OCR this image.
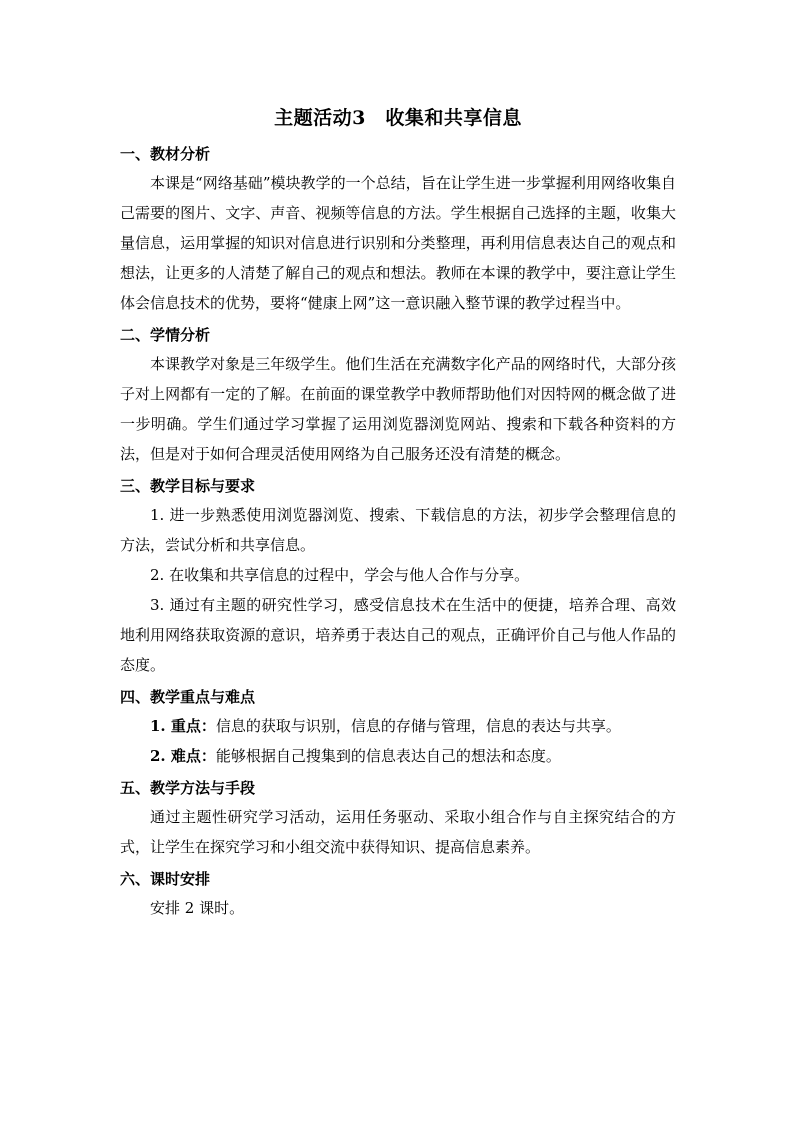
主题活动3　收集和共享信息
一、教材分析
本课是“网络基础”模块教学的一个总结，旨在让学生进一步掌握利用网络收集自己需要的图片、文字、声音、视频等信息的方法。学生根据自己选择的主题，收集大量信息，运用掌握的知识对信息进行识别和分类整理，再利用信息表达自己的观点和想法，让更多的人清楚了解自己的观点和想法。教师在本课的教学中，要注意让学生体会信息技术的优势，要将“健康上网”这一意识融入整节课的教学过程当中。
二、学情分析
本课教学对象是三年级学生。他们生活在充满数字化产品的网络时代，大部分孩子对上网都有一定的了解。在前面的课堂教学中教师帮助他们对因特网的概念做了进一步明确。学生们通过学习掌握了运用浏览器浏览网站、搜索和下载各种资料的方法，但是对于如何合理灵活使用网络为自己服务还没有清楚的概念。
三、教学目标与要求
1. 进一步熟悉使用浏览器浏览、搜索、下载信息的方法，初步学会整理信息的方法，尝试分析和共享信息。
2. 在收集和共享信息的过程中，学会与他人合作与分享。
3. 通过有主题的研究性学习，感受信息技术在生活中的便捷，培养合理、高效地利用网络获取资源的意识，培养勇于表达自己的观点，正确评价自己与他人作品的态度。
四、教学重点与难点
1. 重点：信息的获取与识别，信息的存储与管理，信息的表达与共享。
2. 难点：能够根据自己搜集到的信息表达自己的想法和态度。
五、教学方法与手段
通过主题性研究学习活动，运用任务驱动、采取小组合作与自主探究结合的方式，让学生在探究学习和小组交流中获得知识、提高信息素养。
六、课时安排
安排 2 课时。
